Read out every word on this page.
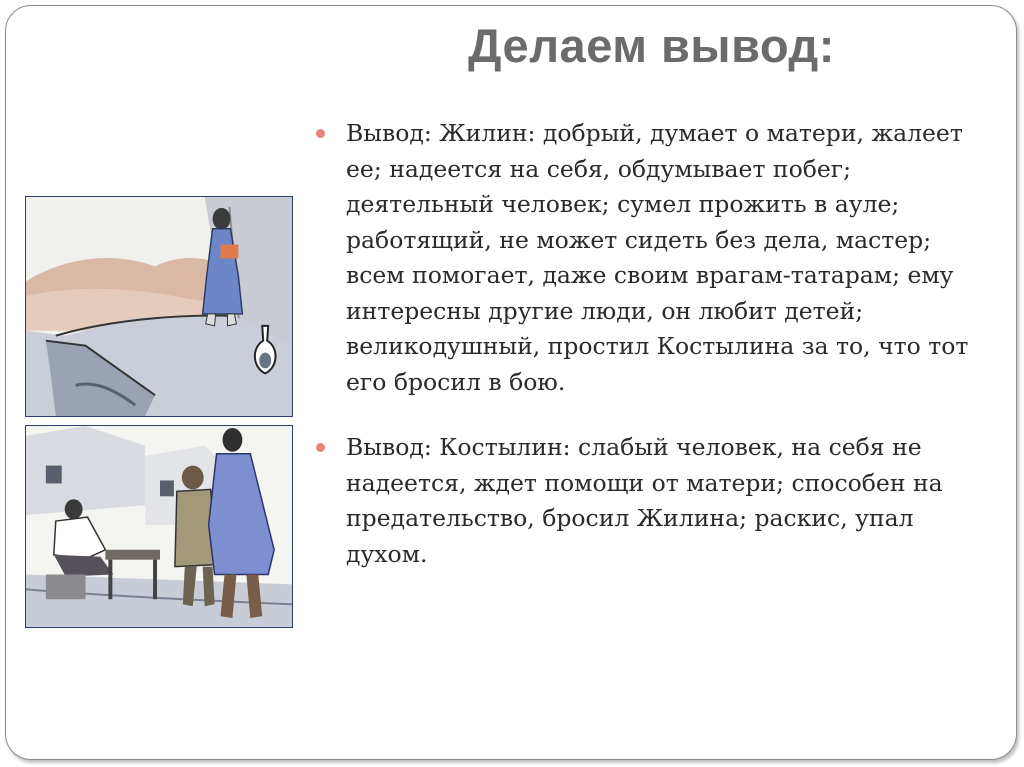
Делаем вывод:
Вывод: Жилин: добрый, думает о матери, жалеет ее; надеется на себя, обдумывает побег; деятельный человек; сумел прожить в ауле; работящий, не может сидеть без дела, мастер; всем помогает, даже своим врагам-татарам; ему интересны другие люди, он любит детей; великодушный, простил Костылина за то, что тот его бросил в бою.
Вывод: Костылин: слабый человек, на себя не надеется, ждет помощи от матери; способен на предательство, бросил Жилина; раскис, упал духом.
